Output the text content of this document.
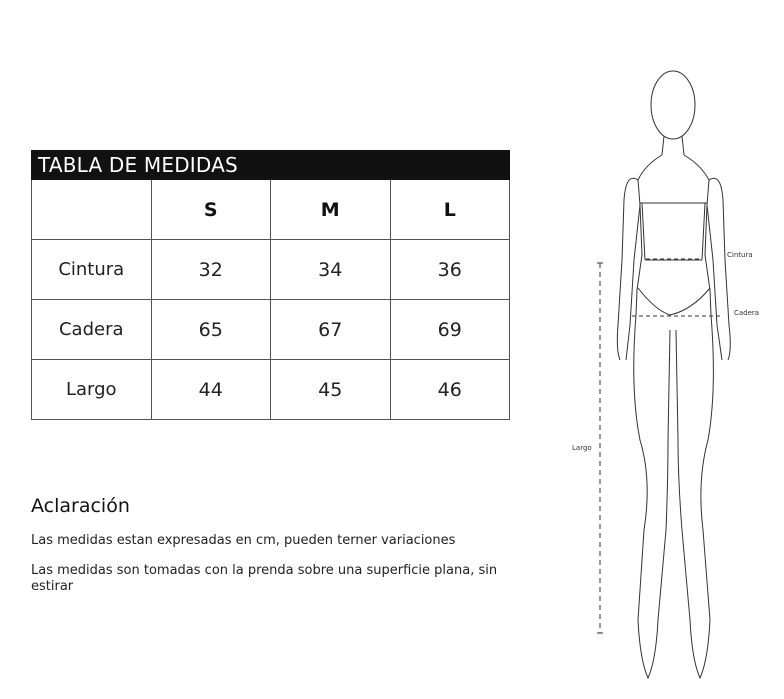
TABLA DE MEDIDAS			
	S	M	L
Cintura	32	34	36
Cadera	65	67	69
Largo	44	45	46
Aclaración

Las medidas estan expresadas en cm, pueden terner variaciones

Las medidas son tomadas con la prenda sobre una superficie plana, sin estirar

Cintura
Cadera
Largo
